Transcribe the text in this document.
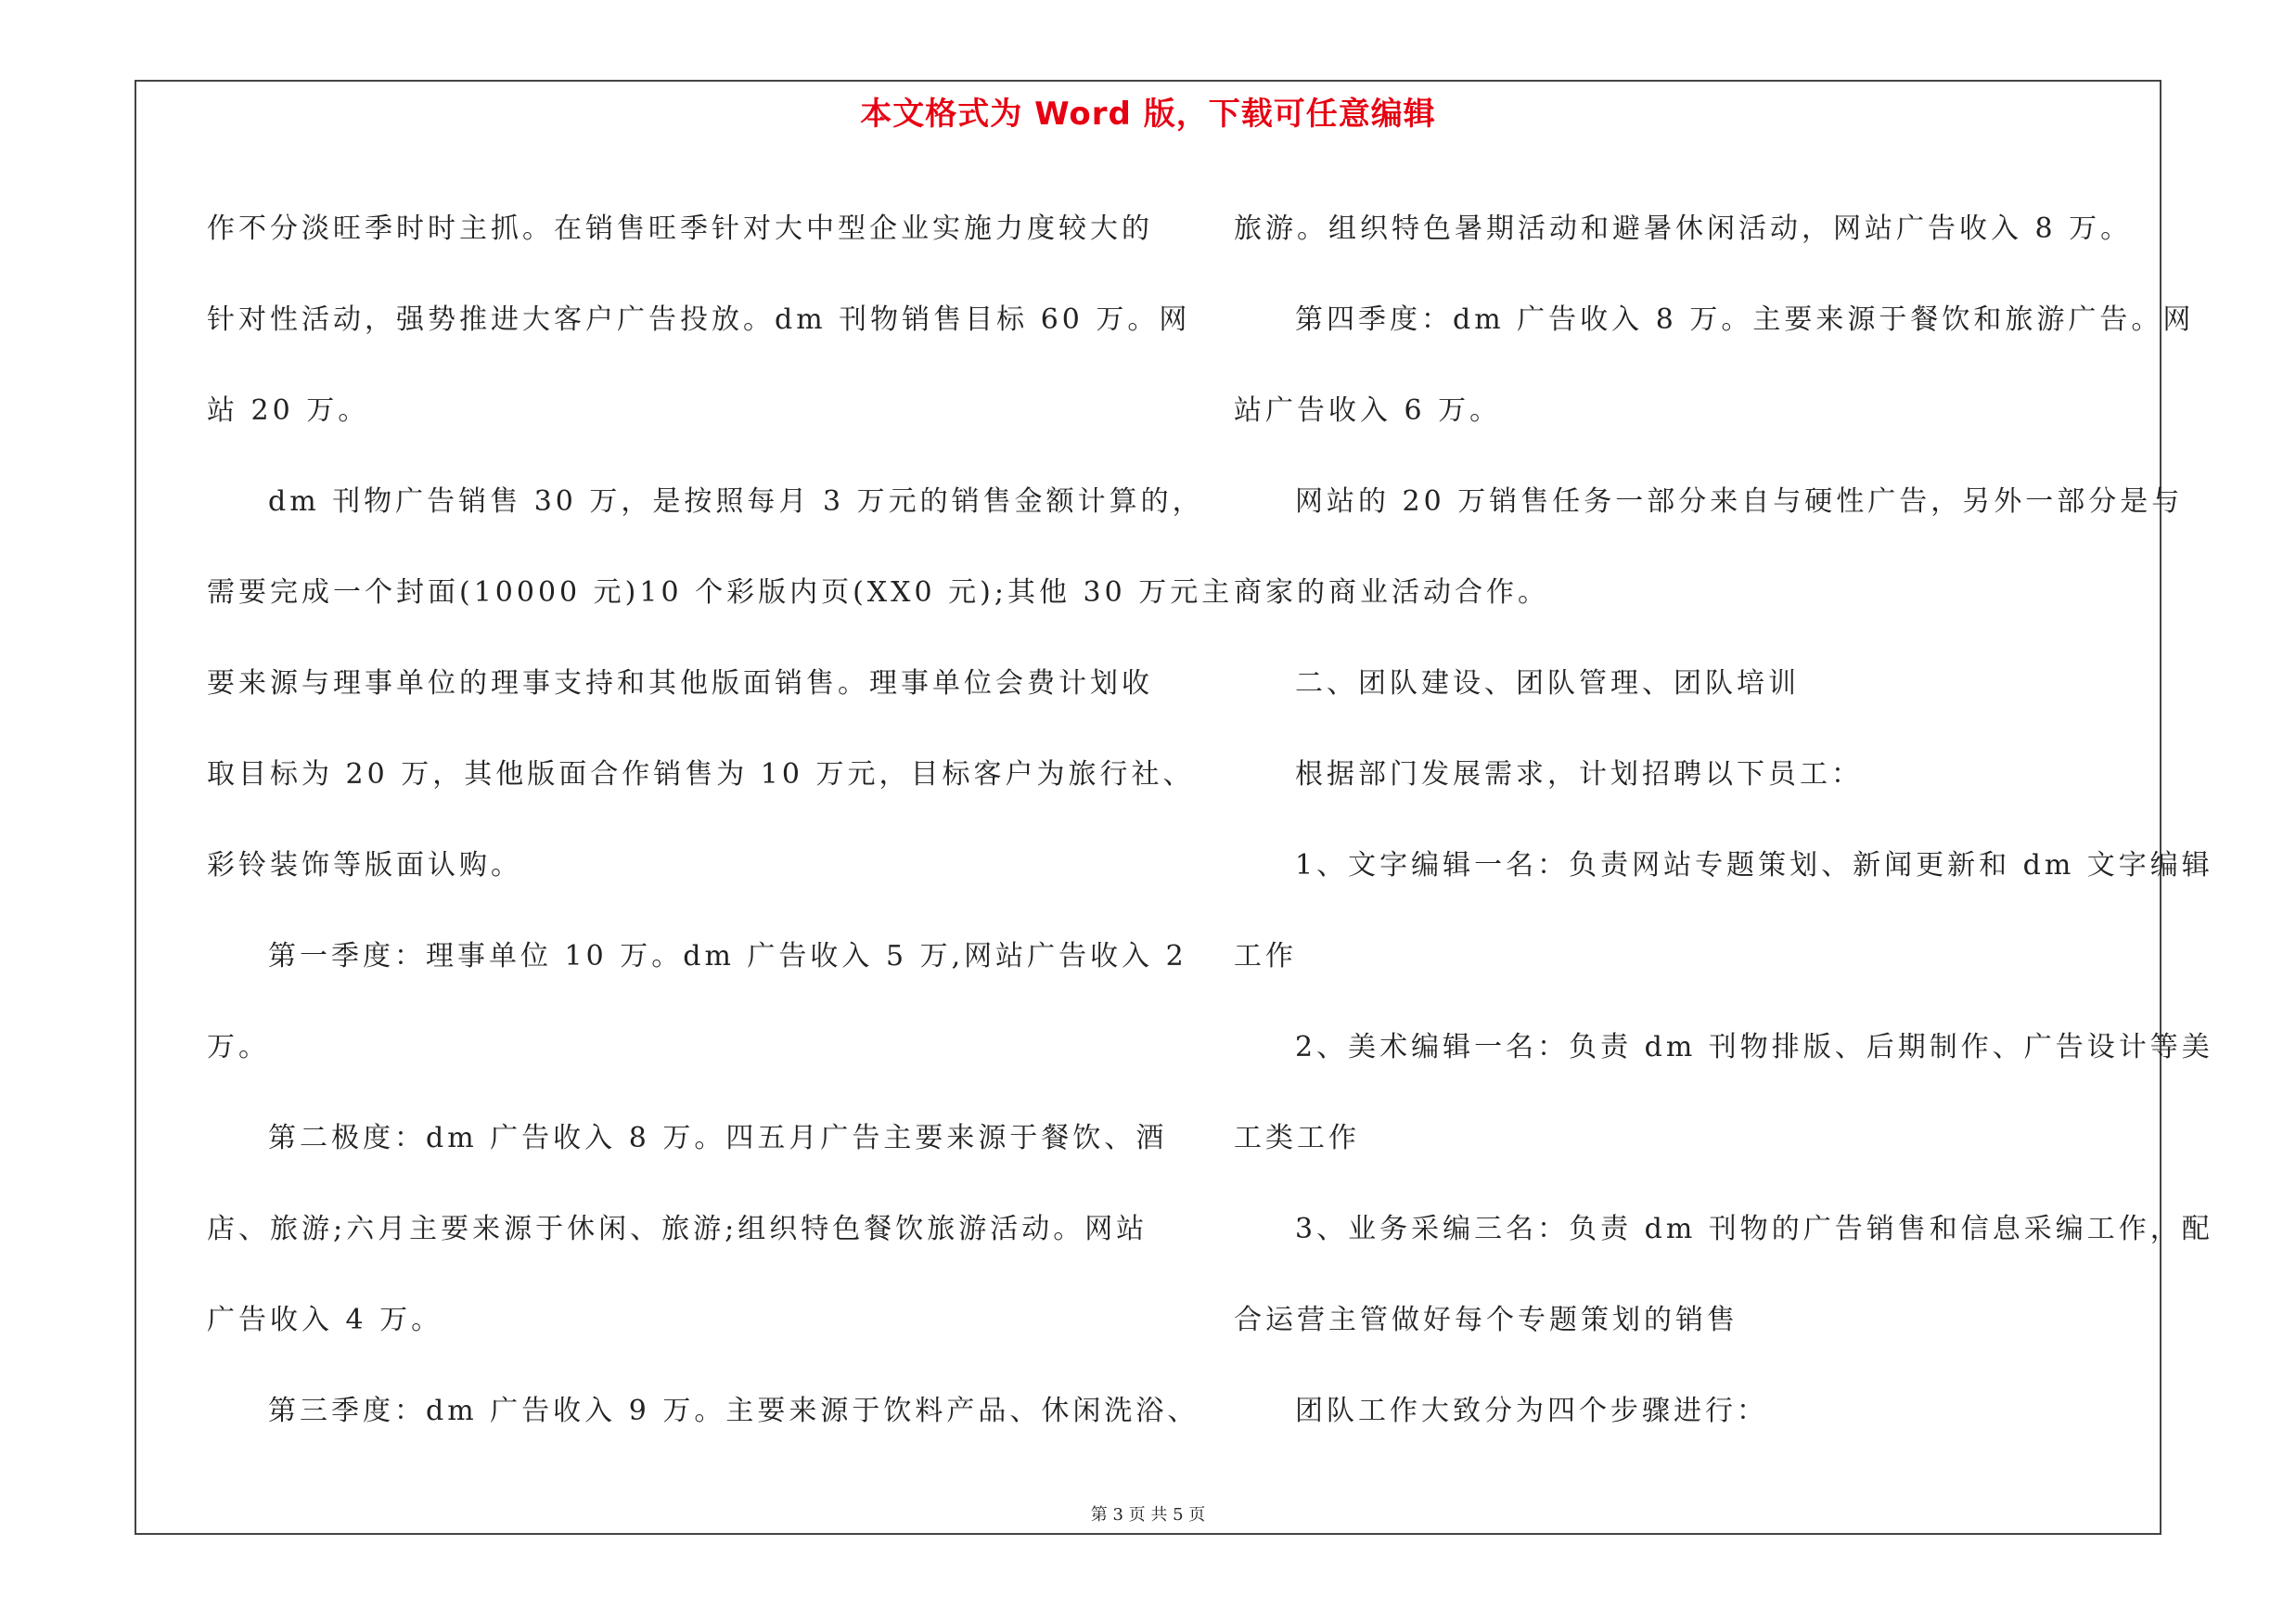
本文格式为 Word 版，下载可任意编辑
作不分淡旺季时时主抓。在销售旺季针对大中型企业实施力度较大的
针对性活动，强势推进大客户广告投放。dm 刊物销售目标 60 万。网
站 20 万。
dm 刊物广告销售 30 万，是按照每月 3 万元的销售金额计算的，
需要完成一个封面(10000 元)10 个彩版内页(XX0 元);其他 30 万元主
要来源与理事单位的理事支持和其他版面销售。理事单位会费计划收
取目标为 20 万，其他版面合作销售为 10 万元，目标客户为旅行社、
彩铃装饰等版面认购。
第一季度：理事单位 10 万。dm 广告收入 5 万,网站广告收入 2
万。
第二极度：dm 广告收入 8 万。四五月广告主要来源于餐饮、酒
店、旅游;六月主要来源于休闲、旅游;组织特色餐饮旅游活动。网站
广告收入 4 万。
第三季度：dm 广告收入 9 万。主要来源于饮料产品、休闲洗浴、
旅游。组织特色暑期活动和避暑休闲活动，网站广告收入 8 万。
第四季度：dm 广告收入 8 万。主要来源于餐饮和旅游广告。网
站广告收入 6 万。
网站的 20 万销售任务一部分来自与硬性广告，另外一部分是与
商家的商业活动合作。
二、团队建设、团队管理、团队培训
根据部门发展需求，计划招聘以下员工：
1、文字编辑一名：负责网站专题策划、新闻更新和 dm 文字编辑
工作
2、美术编辑一名：负责 dm 刊物排版、后期制作、广告设计等美
工类工作
3、业务采编三名：负责 dm 刊物的广告销售和信息采编工作，配
合运营主管做好每个专题策划的销售
团队工作大致分为四个步骤进行：
第 3 页 共 5 页
